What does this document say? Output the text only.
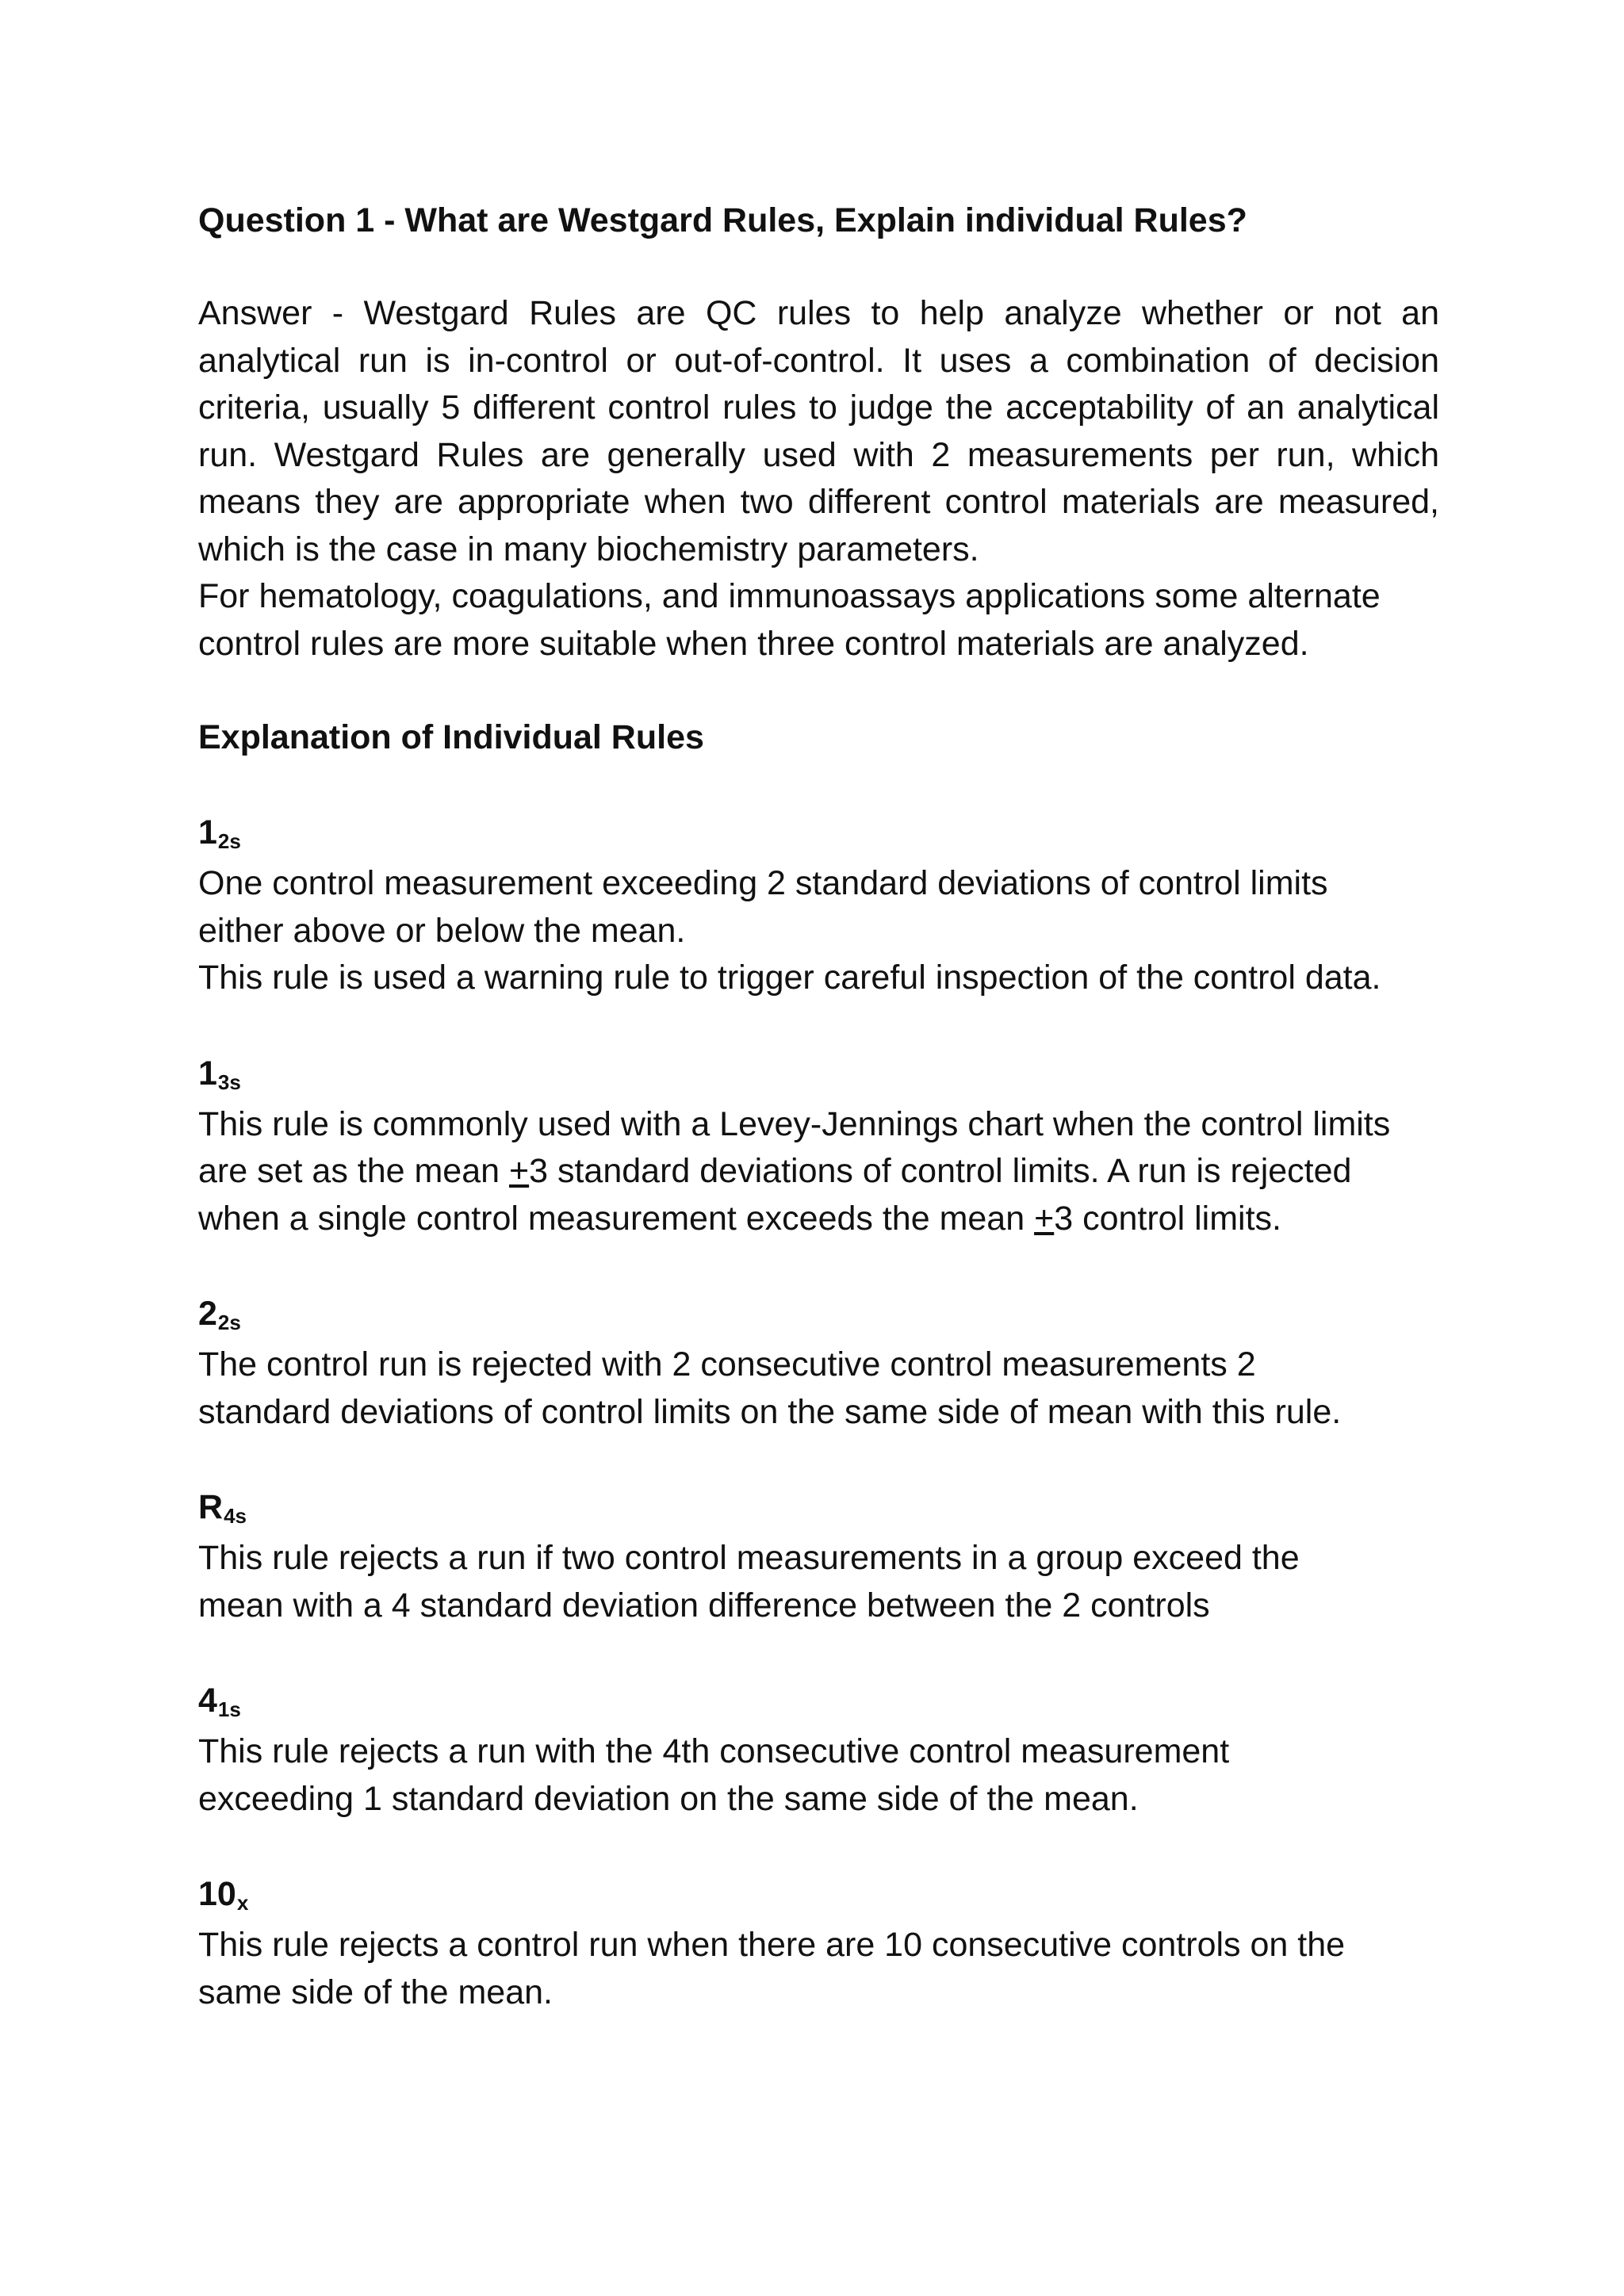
Question 1 - What are Westgard Rules, Explain individual Rules?

Answer - Westgard Rules are QC rules to help analyze whether or not an analytical run is in-control or out-of-control. It uses a combination of decision criteria, usually 5 different control rules to judge the acceptability of an analytical run. Westgard Rules are generally used with 2 measurements per run, which means they are appropriate when two different control materials are measured, which is the case in many biochemistry parameters.

For hematology, coagulations, and immunoassays applications some alternate control rules are more suitable when three control materials are analyzed.

Explanation of Individual Rules

$1_{2s}$

One control measurement exceeding 2 standard deviations of control limits

either above or below the mean.

This rule is used a warning rule to trigger careful inspection of the control data.

$1_{3s}$

This rule is commonly used with a Levey-Jennings chart when the control limits

are set as the mean +3 standard deviations of control limits. A run is rejected

when a single control measurement exceeds the mean +3 control limits.

$2_{2s}$

The control run is rejected with 2 consecutive control measurements 2

standard deviations of control limits on the same side of mean with this rule.

$R_{4s}$

This rule rejects a run if two control measurements in a group exceed the

mean with a 4 standard deviation difference between the 2 controls

$4_{1s}$

This rule rejects a run with the 4th consecutive control measurement

exceeding 1 standard deviation on the same side of the mean.

$10_x$

This rule rejects a control run when there are 10 consecutive controls on the

same side of the mean.
